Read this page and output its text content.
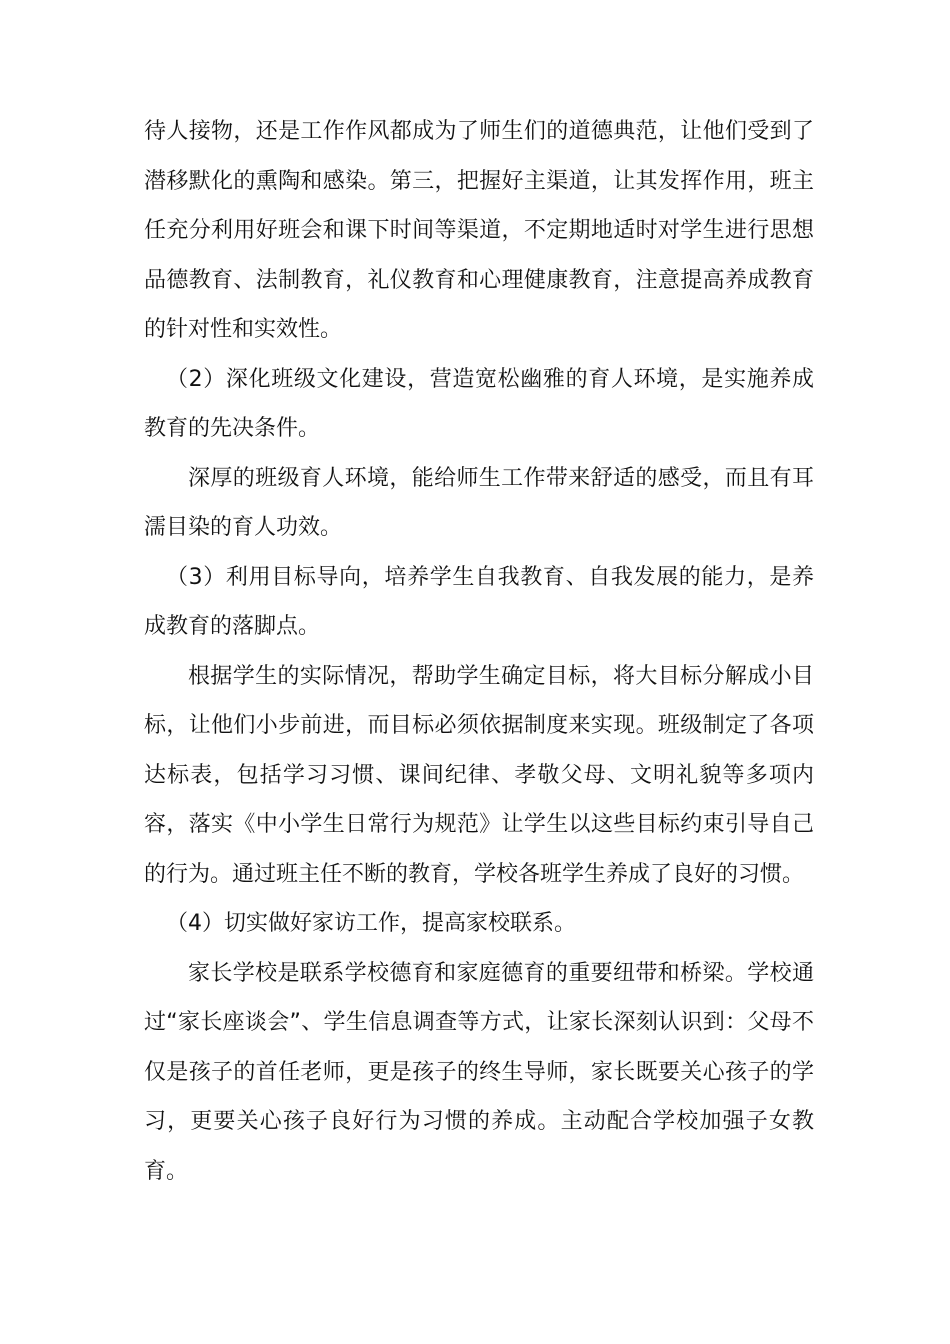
待人接物，还是工作作风都成为了师生们的道德典范，让他们受到了潜移默化的熏陶和感染。第三，把握好主渠道，让其发挥作用，班主任充分利用好班会和课下时间等渠道，不定期地适时对学生进行思想品德教育、法制教育，礼仪教育和心理健康教育，注意提高养成教育的针对性和实效性。

（2）深化班级文化建设，营造宽松幽雅的育人环境，是实施养成教育的先决条件。

深厚的班级育人环境，能给师生工作带来舒适的感受，而且有耳濡目染的育人功效。

（3）利用目标导向，培养学生自我教育、自我发展的能力，是养成教育的落脚点。

根据学生的实际情况，帮助学生确定目标，将大目标分解成小目标，让他们小步前进，而目标必须依据制度来实现。班级制定了各项达标表，包括学习习惯、课间纪律、孝敬父母、文明礼貌等多项内容，落实《中小学生日常行为规范》让学生以这些目标约束引导自己的行为。通过班主任不断的教育，学校各班学生养成了良好的习惯。

（4）切实做好家访工作，提高家校联系。

家长学校是联系学校德育和家庭德育的重要纽带和桥梁。学校通过“家长座谈会”、学生信息调查等方式，让家长深刻认识到：父母不仅是孩子的首任老师，更是孩子的终生导师，家长既要关心孩子的学习，更要关心孩子良好行为习惯的养成。主动配合学校加强子女教育。
